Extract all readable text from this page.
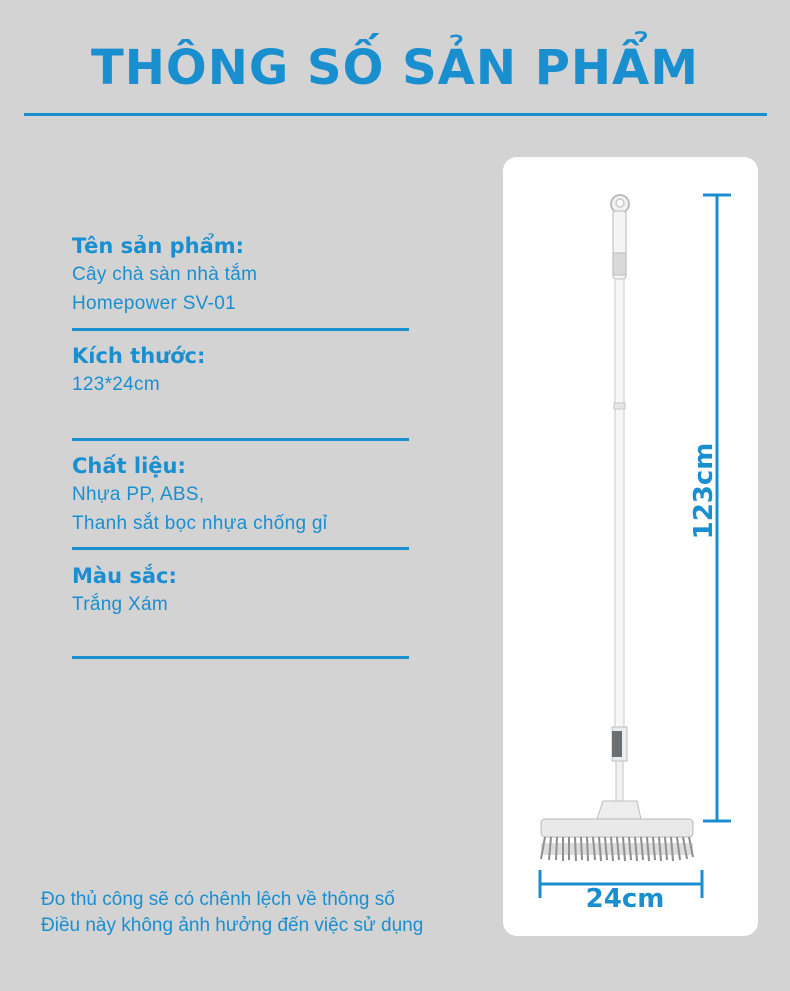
THÔNG SỐ SẢN PHẨM
Tên sản phẩm:
Cây chà sàn nhà tắm
Homepower SV-01
Kích thước:
123*24cm
Chất liệu:
Nhựa PP, ABS,
Thanh sắt bọc nhựa chống gỉ
Màu sắc:
Trắng Xám
123cm
24cm
Đo thủ công sẽ có chênh lệch về thông số
Điều này không ảnh hưởng đến việc sử dụng
